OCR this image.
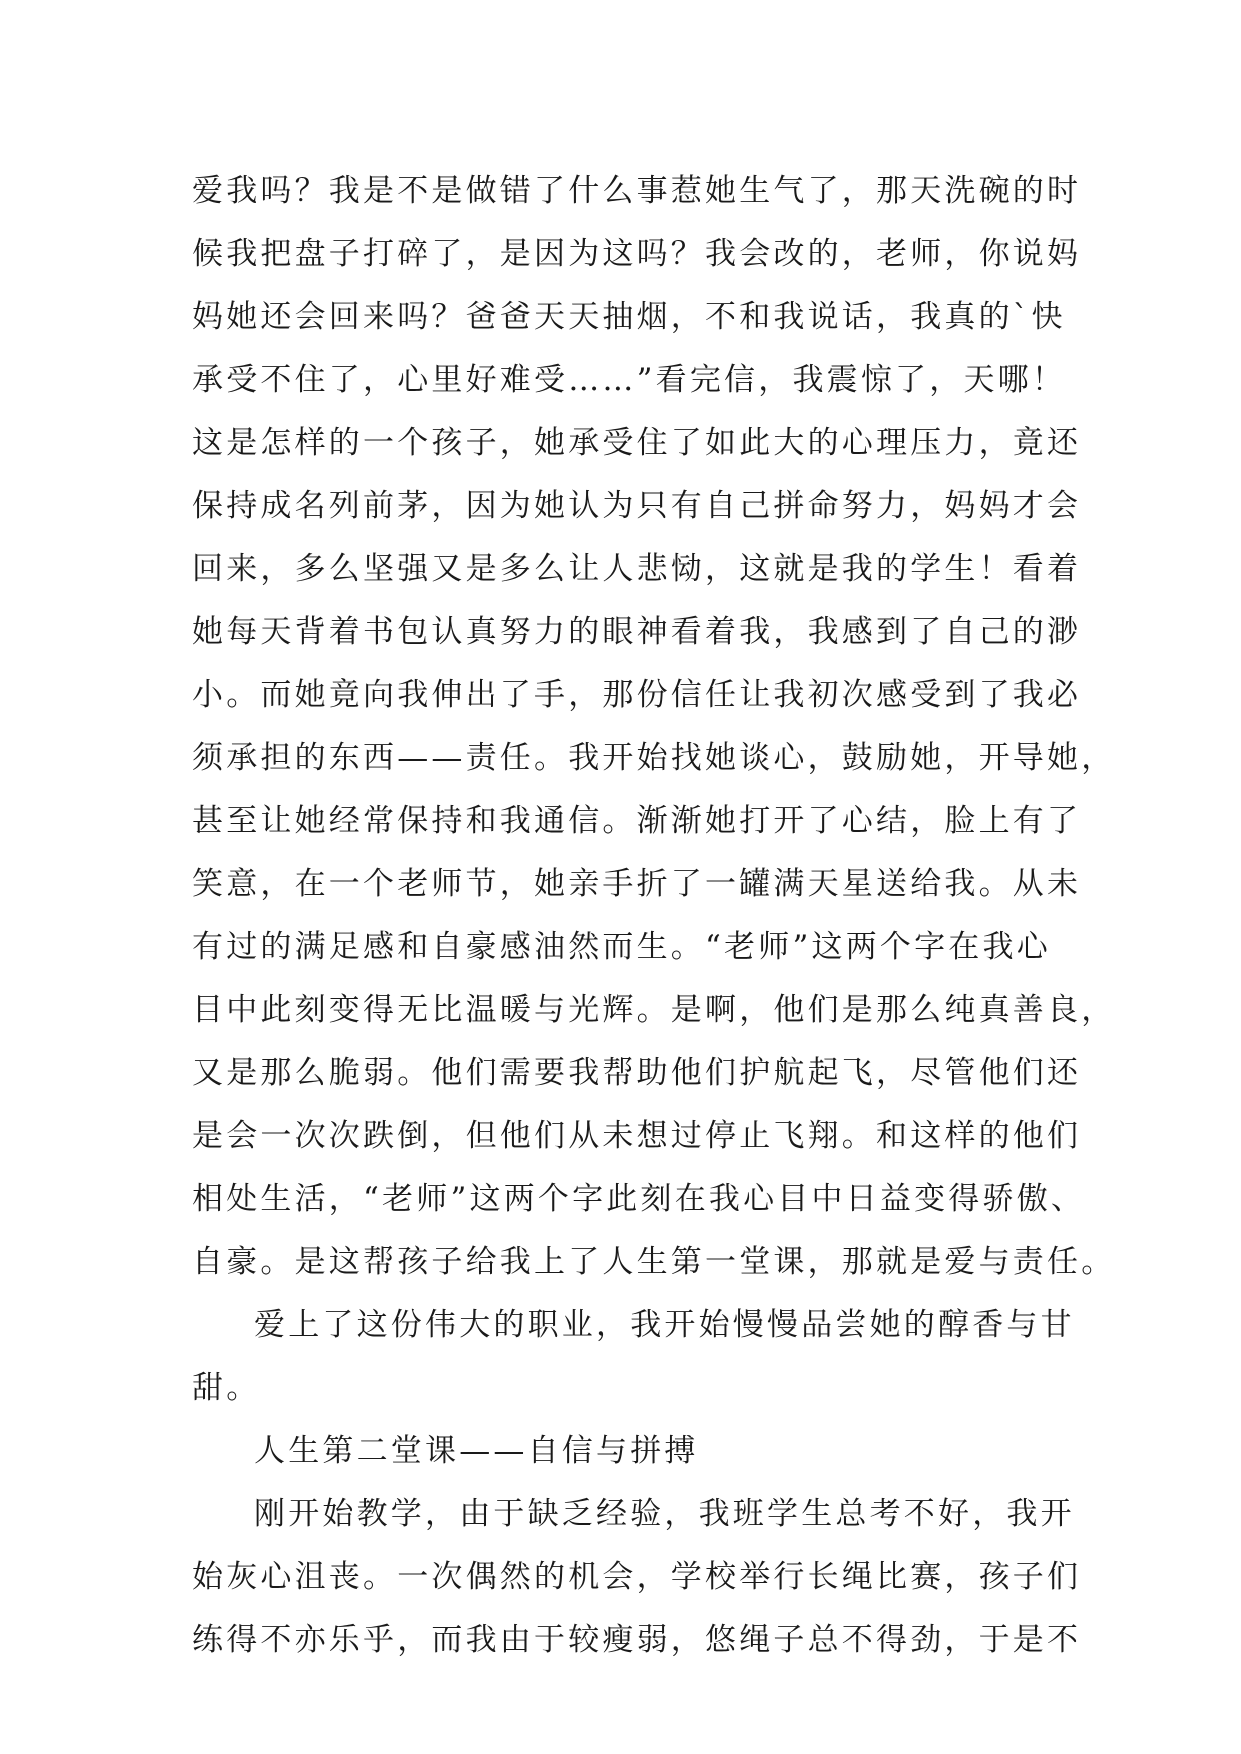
爱我吗？我是不是做错了什么事惹她生气了，那天洗碗的时
候我把盘子打碎了，是因为这吗？我会改的，老师，你说妈
妈她还会回来吗？爸爸天天抽烟，不和我说话，我真的`快
承受不住了，心里好难受……”看完信，我震惊了，天哪！
这是怎样的一个孩子，她承受住了如此大的心理压力，竟还
保持成名列前茅，因为她认为只有自己拼命努力，妈妈才会
回来，多么坚强又是多么让人悲恸，这就是我的学生！看着
她每天背着书包认真努力的眼神看着我，我感到了自己的渺
小。而她竟向我伸出了手，那份信任让我初次感受到了我必
须承担的东西——责任。我开始找她谈心，鼓励她，开导她，
甚至让她经常保持和我通信。渐渐她打开了心结，脸上有了
笑意，在一个老师节，她亲手折了一罐满天星送给我。从未
有过的满足感和自豪感油然而生。“老师”这两个字在我心
目中此刻变得无比温暖与光辉。是啊，他们是那么纯真善良，
又是那么脆弱。他们需要我帮助他们护航起飞，尽管他们还
是会一次次跌倒，但他们从未想过停止飞翔。和这样的他们
相处生活，“老师”这两个字此刻在我心目中日益变得骄傲、
自豪。是这帮孩子给我上了人生第一堂课，那就是爱与责任。
爱上了这份伟大的职业，我开始慢慢品尝她的醇香与甘
甜。
人生第二堂课——自信与拼搏
刚开始教学，由于缺乏经验，我班学生总考不好，我开
始灰心沮丧。一次偶然的机会，学校举行长绳比赛，孩子们
练得不亦乐乎，而我由于较瘦弱，悠绳子总不得劲，于是不
